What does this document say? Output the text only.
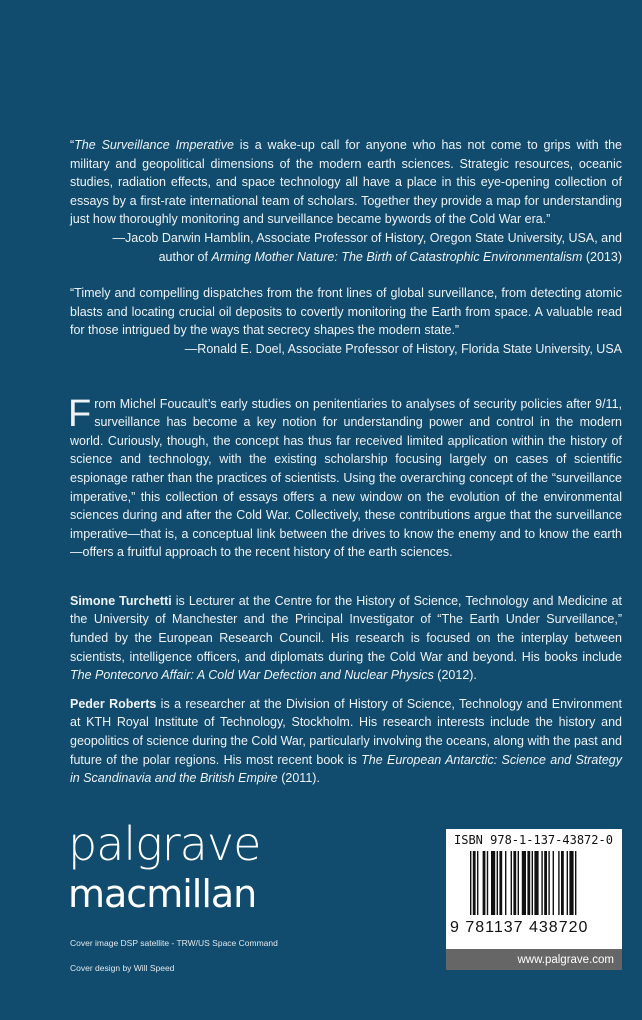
“The Surveillance Imperative is a wake-up call for anyone who has not come to grips with the military and geopolitical dimensions of the modern earth sciences. Strategic resources, oceanic studies, radiation effects, and space technology all have a place in this eye-opening collection of essays by a first-rate international team of scholars. Together they provide a map for understanding just how thoroughly monitoring and surveillance became bywords of the Cold War era.”

—Jacob Darwin Hamblin, Associate Professor of History, Oregon State University, USA, and

author of Arming Mother Nature: The Birth of Catastrophic Environmentalism (2013)

“Timely and compelling dispatches from the front lines of global surveillance, from detecting atomic blasts and locating crucial oil deposits to covertly monitoring the Earth from space. A valuable read for those intrigued by the ways that secrecy shapes the modern state.”

—Ronald E. Doel, Associate Professor of History, Florida State University, USA

From Michel Foucault’s early studies on penitentiaries to analyses of security policies after 9/11, surveillance has become a key notion for understanding power and control in the modern world. Curiously, though, the concept has thus far received limited application within the history of science and technology, with the existing scholarship focusing largely on cases of scientific espionage rather than the practices of scientists. Using the overarching concept of the “surveillance imperative,” this collection of essays offers a new window on the evolution of the environmental sciences during and after the Cold War. Collectively, these contributions argue that the surveillance imperative—that is, a conceptual link between the drives to know the enemy and to know the earth—offers a fruitful approach to the recent history of the earth sciences.

Simone Turchetti is Lecturer at the Centre for the History of Science, Technology and Medicine at the University of Manchester and the Principal Investigator of “The Earth Under Surveillance,” funded by the European Research Council. His research is focused on the interplay between scientists, intelligence officers, and diplomats during the Cold War and beyond. His books include The Pontecorvo Affair: A Cold War Defection and Nuclear Physics (2012).

Peder Roberts is a researcher at the Division of History of Science, Technology and Environment at KTH Royal Institute of Technology, Stockholm. His research interests include the history and geopolitics of science during the Cold War, particularly involving the oceans, along with the past and future of the polar regions. His most recent book is The European Antarctic: Science and Strategy in Scandinavia and the British Empire (2011).

palgrave
macmillan
Cover image DSP satellite - TRW/US Space Command
Cover design by Will Speed
ISBN 978-1-137-43872-0
9 781137 438720
www.palgrave.com
